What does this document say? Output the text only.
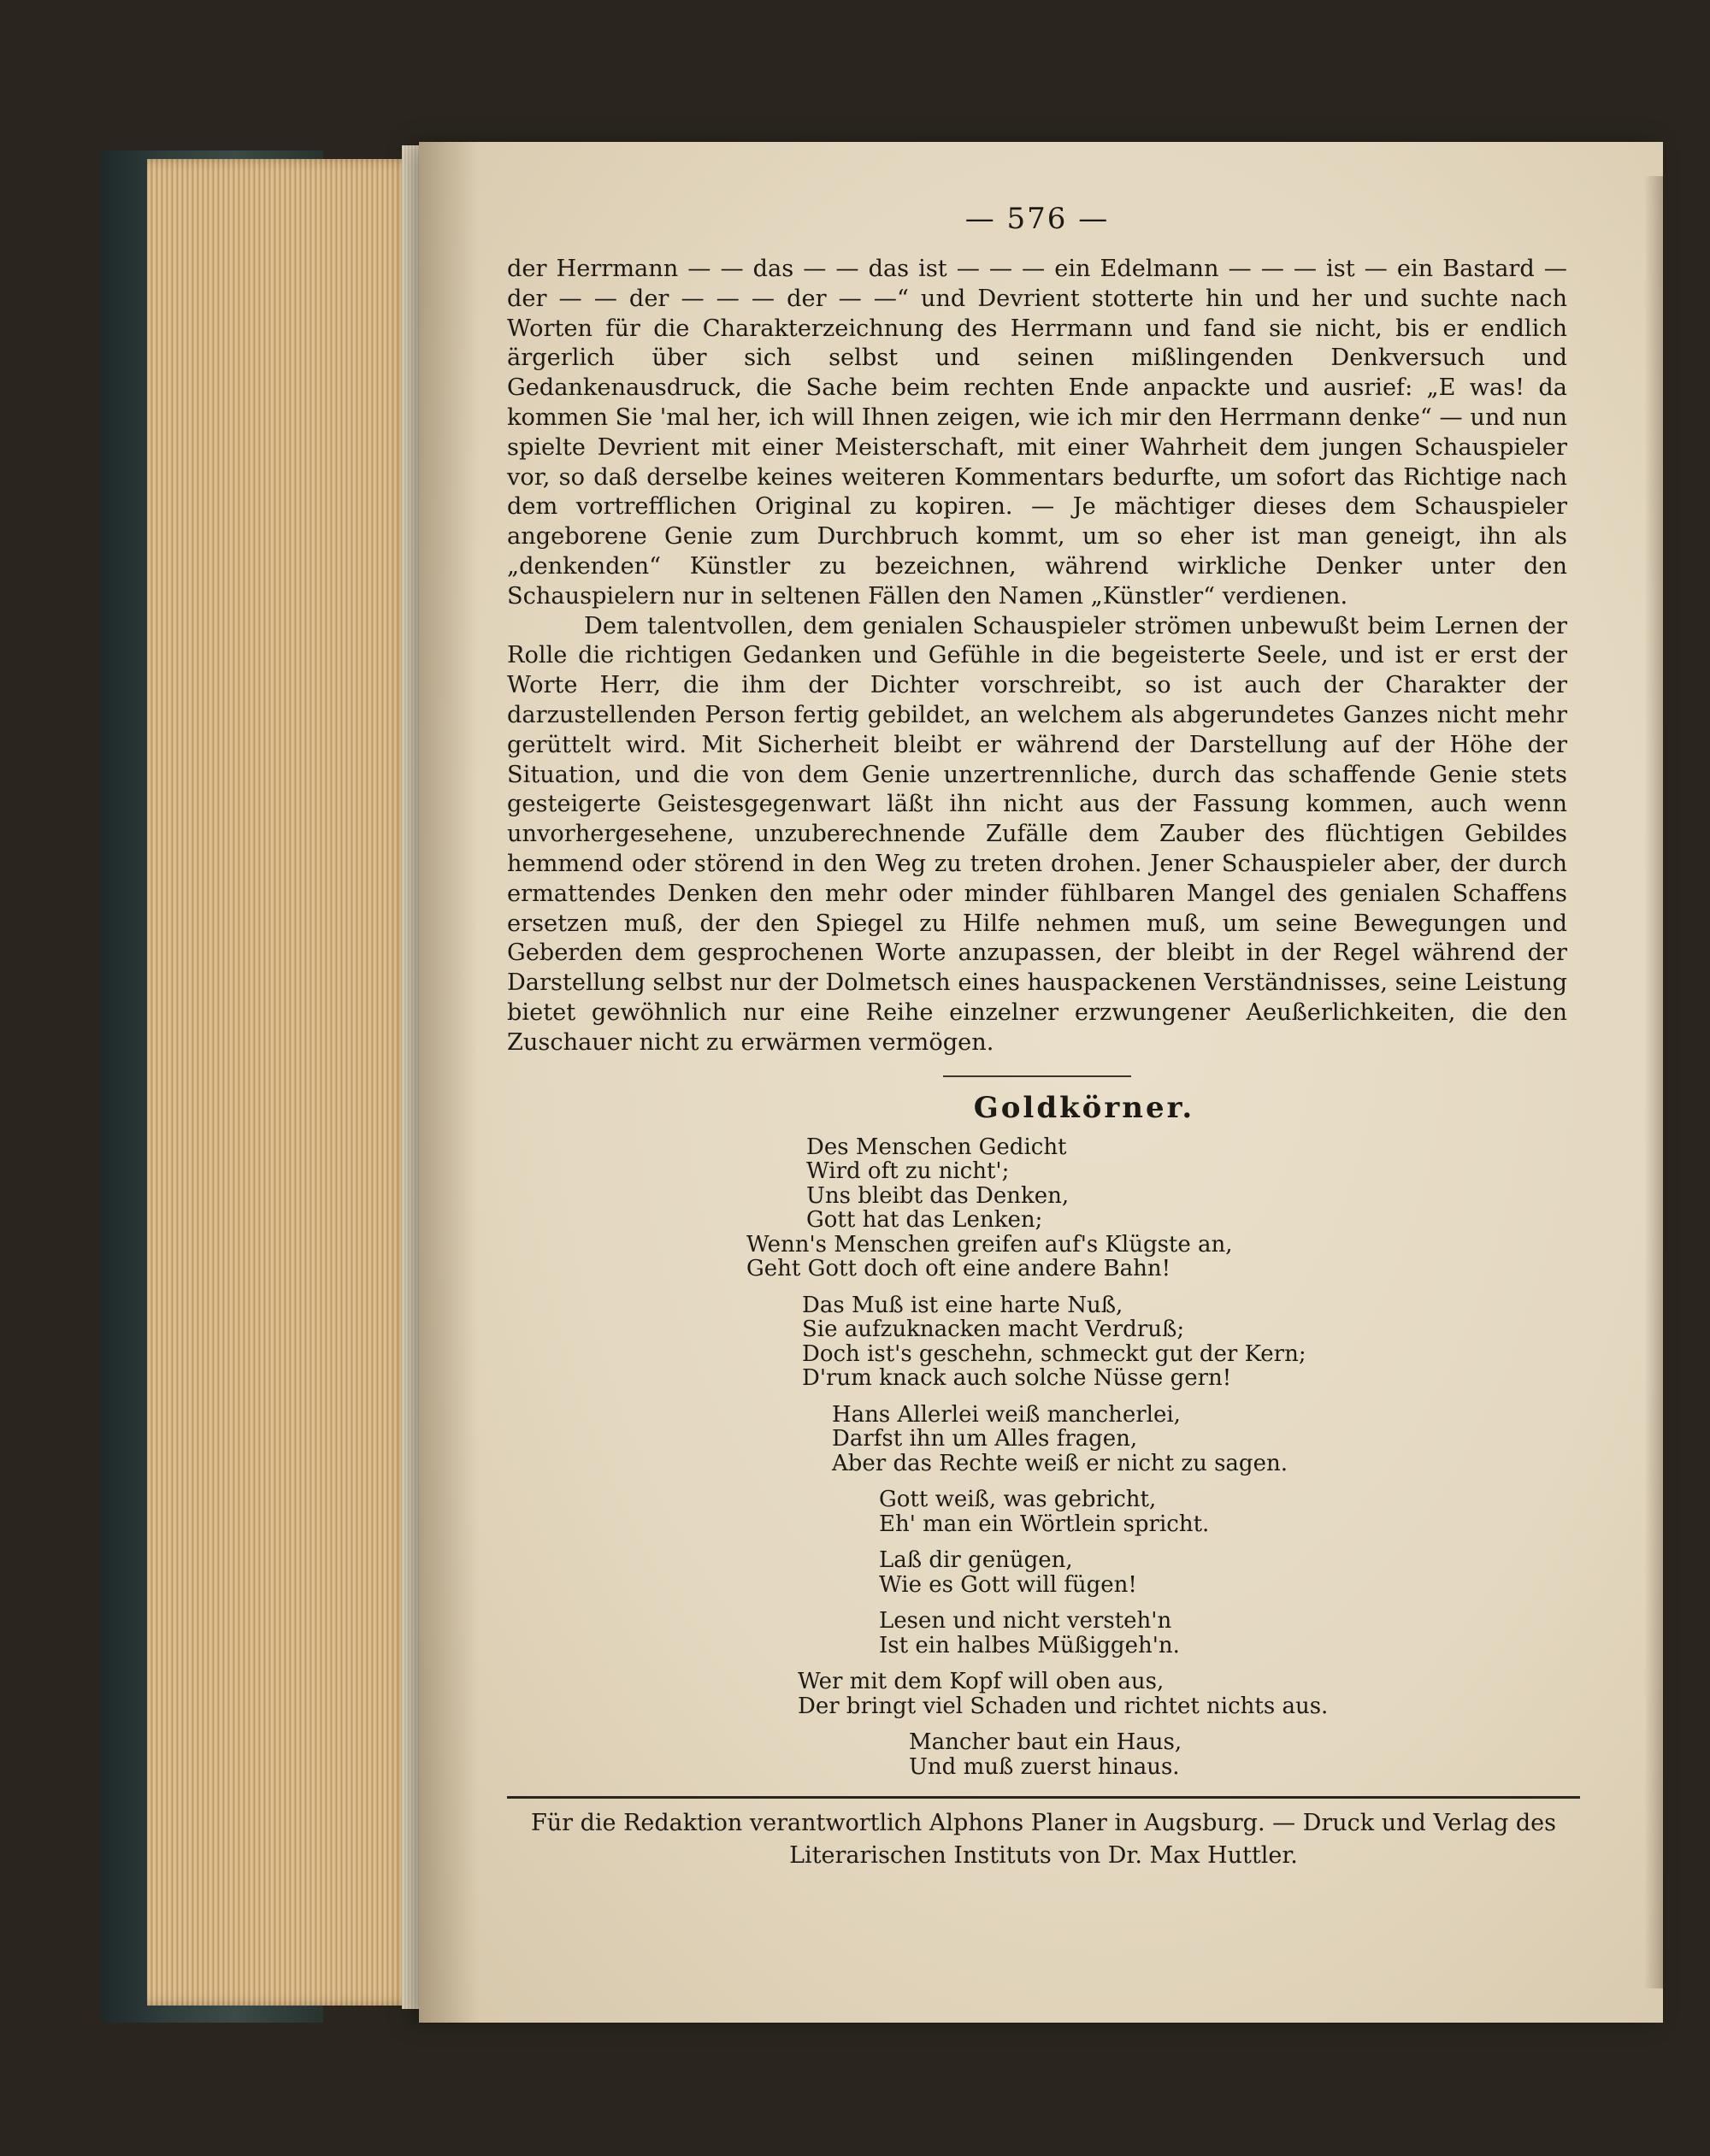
— 576 —

der Herrmann — — das — — das ist — — — ein Edelmann — — — ist — ein Bastard — der — — der — — — der — —“ und Devrient stotterte hin und her und suchte nach Worten für die Charakterzeichnung des Herrmann und fand sie nicht, bis er endlich ärgerlich über sich selbst und seinen mißlingenden Denkversuch und Gedankenausdruck, die Sache beim rechten Ende anpackte und ausrief: „E was! da kommen Sie 'mal her, ich will Ihnen zeigen, wie ich mir den Herrmann denke“ — und nun spielte Devrient mit einer Meisterschaft, mit einer Wahrheit dem jungen Schauspieler vor, so daß derselbe keines weiteren Kommentars bedurfte, um sofort das Richtige nach dem vortrefflichen Original zu kopiren. — Je mächtiger dieses dem Schauspieler angeborene Genie zum Durchbruch kommt, um so eher ist man geneigt, ihn als „denkenden“ Künstler zu bezeichnen, während wirkliche Denker unter den Schauspielern nur in seltenen Fällen den Namen „Künstler“ verdienen.

Dem talentvollen, dem genialen Schauspieler strömen unbewußt beim Lernen der Rolle die richtigen Gedanken und Gefühle in die begeisterte Seele, und ist er erst der Worte Herr, die ihm der Dichter vorschreibt, so ist auch der Charakter der darzustellenden Person fertig gebildet, an welchem als abgerundetes Ganzes nicht mehr gerüttelt wird. Mit Sicherheit bleibt er während der Darstellung auf der Höhe der Situation, und die von dem Genie unzertrennliche, durch das schaffende Genie stets gesteigerte Geistesgegenwart läßt ihn nicht aus der Fassung kommen, auch wenn unvorhergesehene, unzuberechnende Zufälle dem Zauber des flüchtigen Gebildes hemmend oder störend in den Weg zu treten drohen. Jener Schauspieler aber, der durch ermattendes Denken den mehr oder minder fühlbaren Mangel des genialen Schaffens ersetzen muß, der den Spiegel zu Hilfe nehmen muß, um seine Bewegungen und Geberden dem gesprochenen Worte anzupassen, der bleibt in der Regel während der Darstellung selbst nur der Dolmetsch eines hauspackenen Verständnisses, seine Leistung bietet gewöhnlich nur eine Reihe einzelner erzwungener Aeußerlichkeiten, die den Zuschauer nicht zu erwärmen vermögen.

Goldkörner.
Des Menschen Gedicht
Wird oft zu nicht';
Uns bleibt das Denken,
Gott hat das Lenken;
Wenn's Menschen greifen auf's Klügste an,
Geht Gott doch oft eine andere Bahn!
Das Muß ist eine harte Nuß,
Sie aufzuknacken macht Verdruß;
Doch ist's geschehn, schmeckt gut der Kern;
D'rum knack auch solche Nüsse gern!
Hans Allerlei weiß mancherlei,
Darfst ihn um Alles fragen,
Aber das Rechte weiß er nicht zu sagen.
Gott weiß, was gebricht,
Eh' man ein Wörtlein spricht.
Laß dir genügen,
Wie es Gott will fügen!
Lesen und nicht versteh'n
Ist ein halbes Müßiggeh'n.
Wer mit dem Kopf will oben aus,
Der bringt viel Schaden und richtet nichts aus.
Mancher baut ein Haus,
Und muß zuerst hinaus.
Für die Redaktion verantwortlich Alphons Planer in Augsburg. — Druck und Verlag des
Literarischen Instituts von Dr. Max Huttler.
